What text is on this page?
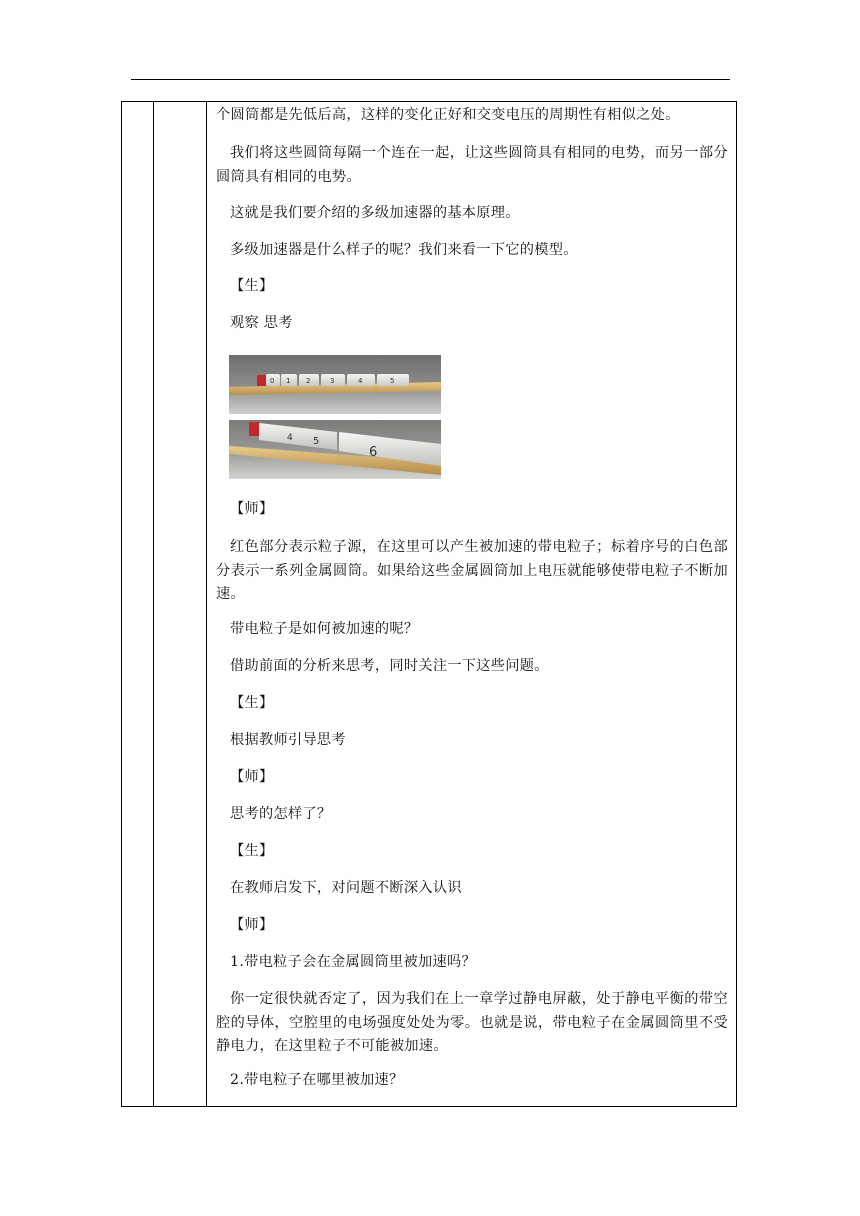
个圆筒都是先低后高，这样的变化正好和交变电压的周期性有相似之处。

我们将这些圆筒每隔一个连在一起，让这些圆筒具有相同的电势，而另一部分圆筒具有相同的电势。

这就是我们要介绍的多级加速器的基本原理。

多级加速器是什么样子的呢？我们来看一下它的模型。

【生】

观察 思考

0 1 2	3	4	5
4 5
6

【师】

红色部分表示粒子源，在这里可以产生被加速的带电粒子；标着序号的白色部分表示一系列金属圆筒。如果给这些金属圆筒加上电压就能够使带电粒子不断加速。

带电粒子是如何被加速的呢？

借助前面的分析来思考，同时关注一下这些问题。

【生】

根据教师引导思考

【师】

思考的怎样了？

【生】

在教师启发下，对问题不断深入认识

【师】

1.带电粒子会在金属圆筒里被加速吗？

你一定很快就否定了，因为我们在上一章学过静电屏蔽，处于静电平衡的带空腔的导体，空腔里的电场强度处处为零。也就是说，带电粒子在金属圆筒里不受静电力，在这里粒子不可能被加速。

2.带电粒子在哪里被加速？
